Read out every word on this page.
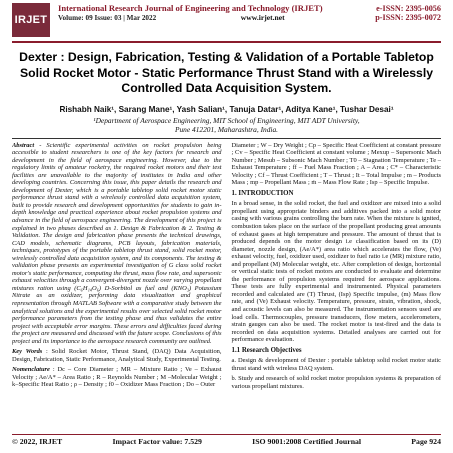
IRJET
International Research Journal of Engineering and Technology (IRJET)	e-ISSN: 2395-0056
Volume: 09 Issue: 03 | Mar 2022	www.irjet.net	p-ISSN: 2395-0072
Dexter : Design, Fabrication, Testing & Validation of a Portable Tabletop Solid Rocket Motor - Static Performance Thrust Stand with a Wirelessly Controlled Data Acquisition System.
Rishabh Naik¹, Sarang Mane¹, Yash Salian¹, Tanuja Datar¹, Aditya Kane¹, Tushar Desai¹
¹Department of Aerospace Engineering, MIT School of Engineering, MIT ADT University,
Pune 412201, Maharashtra, India.

Abstract - Scientific experimental activities on rocket propulsion being accessible to student researchers is one of the key factors for research and development in the field of aerospace engineering. However, due to the regulatory limits of amateur rocketry, the required rocket motors and their test facilities are unavailable to the majority of institutes in India and other developing countries. Concerning this issue, this paper details the research and development of Dexter, which is a portable tabletop solid rocket motor static performance thrust stand with a wirelessly controlled data acquisition system, built to provide research and development opportunities for students to gain in-depth knowledge and practical experience about rocket propulsion systems and advance in the field of aerospace engineering. The development of this project is explained in two phases described as 1. Design & Fabrication & 2. Testing & Validation. The design and fabrication phase presents the technical drawings, CAD models, schematic diagrams, PCB layouts, fabrication materials, techniques, prototypes of the portable tabletop thrust stand, solid rocket motor, wirelessly controlled data acquisition system, and its components. The testing & validation phase presents an experimental investigation of G class solid rocket motor's static performance, computing the thrust, mass flow rate, and supersonic exhaust velocities through a convergent-divergent nozzle over varying propellant mixtures ration using (C₆H₁₄O₆) D-Sorbitol as fuel and (KNO₃) Potassium Nitrate as an oxidizer, performing data visualization and graphical representation through MATLAB Software with a comparative study between the analytical solutions and the experimental results over selected solid rocket motor performance parameters from the testing phase and thus validates the entire project with acceptable error margins. These errors and difficulties faced during the project are measured and discussed with the future scope. Conclusions of this project and its importance to the aerospace research community are outlined.

Key Words : Solid Rocket Motor, Thrust Stand, (DAQ) Data Acquisition, Design, Fabrication, Static Performance, Analytical Study, Experimental Testing.

Nomenclature : Dc – Core Diameter ; MR – Mixture Ratio ; Ve – Exhaust Velocity ; Ae/A* – Area Ratio ; R – Reynolds Number ; M –Molecular Weight ; k–Specific Heat Ratio ; ρ – Density ; f0 – Oxidizer Mass Fraction ; Do – Outer

Diameter ; W – Dry Weight ; Cp – Specific Heat Coefficient at constant pressure ; Cv – Specific Heat Coefficient at constant volume ; Mexup – Supersonic Mach Number ; Mesub – Subsonic Mach Number ; T0 – Stagnation Temperature ; Te – Exhaust Temperature ; ff – Fuel Mass Fraction ; A – Area ; C* – Characteristic Velocity ; Cf – Thrust Coefficient ; T – Thrust ; It – Total Impulse ; m – Products Mass ; mp – Propellant Mass ; ṁ – Mass Flow Rate ; Isp – Specific Impulse.

1. INTRODUCTION

In a broad sense, in the solid rocket, the fuel and oxidizer are mixed into a solid propellant using appropriate binders and additives packed into a solid motor casing with various grains controlling the burn rate. When the mixture is ignited, combustion takes place on the surface of the propellant producing great amounts of exhaust gases at high temperature and pressure. The amount of thrust that is produced depends on the motor design i.e classification based on its (D) diameter, nozzle design, (Ae/A*) area ratio which accelerates the flow, (Ve) exhaust velocity, fuel, oxidizer used, oxidizer to fuel ratio i.e (MR) mixture ratio, and propellant (M) Molecular weight, etc. After completion of design, horizontal or vertical static tests of rocket motors are conducted to evaluate and determine the performance of propulsion systems required for aerospace applications. These tests are fully experimental and instrumented. Physical parameters recorded and calculated are (T) Thrust, (Isp) Specific impulse, (m) Mass flow rate, and (Ve) Exhaust velocity. Temperature, pressure, strain, vibration, shock, and acoustic levels can also be measured. The instrumentation sensors used are load cells. Thermocouples, pressure transducers, flow meters, accelerometers, strain gauges can also be used. The rocket motor is test-fired and the data is recorded on data acquisition systems. Detailed analyses are carried out for performance evaluation.

1.1 Research Objectives

a. Design & development of Dexter : portable tabletop solid rocket motor static thrust stand with wireless DAQ system.

b. Study and research of solid rocket motor propulsion systems & preparation of various propellant mixtures.

© 2022, IRJET	Impact Factor value: 7.529	ISO 9001:2008 Certified Journal	Page 924
